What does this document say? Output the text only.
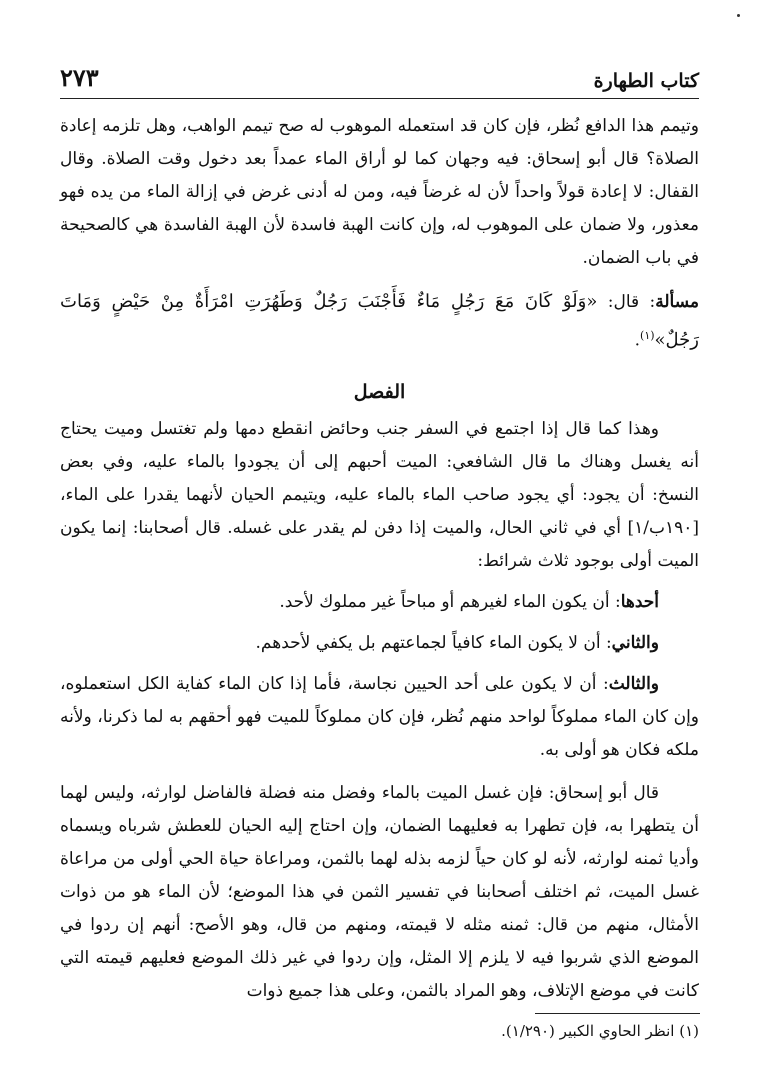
كتاب الطهارة
٢٧٣

وتيمم هذا الدافع نُظر، فإن كان قد استعمله الموهوب له صح تيمم الواهب، وهل تلزمه إعادة الصلاة؟ قال أبو إسحاق: فيه وجهان كما لو أراق الماء عمداً بعد دخول وقت الصلاة. وقال القفال: لا إعادة قولاً واحداً لأن له غرضاً فيه، ومن له أدنى غرض في إزالة الماء من يده فهو معذور، ولا ضمان على الموهوب له، وإن كانت الهبة فاسدة لأن الهبة الفاسدة هي كالصحيحة في باب الضمان.

مسألة: قال: «وَلَوْ كَانَ مَعَ رَجُلٍ مَاءٌ فَأَجْنَبَ رَجُلٌ وَطَهُرَتِ امْرَأَةٌ مِنْ حَيْضٍ وَمَاتَ رَجُلٌ»$^{(١)}$.

الفصل

وهذا كما قال إذا اجتمع في السفر جنب وحائض انقطع دمها ولم تغتسل وميت يحتاج أنه يغسل وهناك ما قال الشافعي: الميت أحبهم إلى أن يجودوا بالماء عليه، وفي بعض النسخ: أن يجود: أي يجود صاحب الماء بالماء عليه، ويتيمم الحيان لأنهما يقدرا على الماء، [١٩٠ب/١] أي في ثاني الحال، والميت إذا دفن لم يقدر على غسله. قال أصحابنا: إنما يكون الميت أولى بوجود ثلاث شرائط:

أحدها: أن يكون الماء لغيرهم أو مباحاً غير مملوك لأحد.

والثاني: أن لا يكون الماء كافياً لجماعتهم بل يكفي لأحدهم.

والثالث: أن لا يكون على أحد الحيين نجاسة، فأما إذا كان الماء كفاية الكل استعملوه، وإن كان الماء مملوكاً لواحد منهم نُظر، فإن كان مملوكاً للميت فهو أحقهم به لما ذكرنا، ولأنه ملكه فكان هو أولى به.

قال أبو إسحاق: فإن غسل الميت بالماء وفضل منه فضلة فالفاضل لوارثه، وليس لهما أن يتطهرا به، فإن تطهرا به فعليهما الضمان، وإن احتاج إليه الحيان للعطش شرباه ويسماه وأديا ثمنه لوارثه، لأنه لو كان حياً لزمه بذله لهما بالثمن، ومراعاة حياة الحي أولى من مراعاة غسل الميت، ثم اختلف أصحابنا في تفسير الثمن في هذا الموضع؛ لأن الماء هو من ذوات الأمثال، منهم من قال: ثمنه مثله لا قيمته، ومنهم من قال، وهو الأصح: أنهم إن ردوا في الموضع الذي شربوا فيه لا يلزم إلا المثل، وإن ردوا في غير ذلك الموضع فعليهم قيمته التي كانت في موضع الإتلاف، وهو المراد بالثمن، وعلى هذا جميع ذوات

(١) انظر الحاوي الكبير (١/٢٩٠).
